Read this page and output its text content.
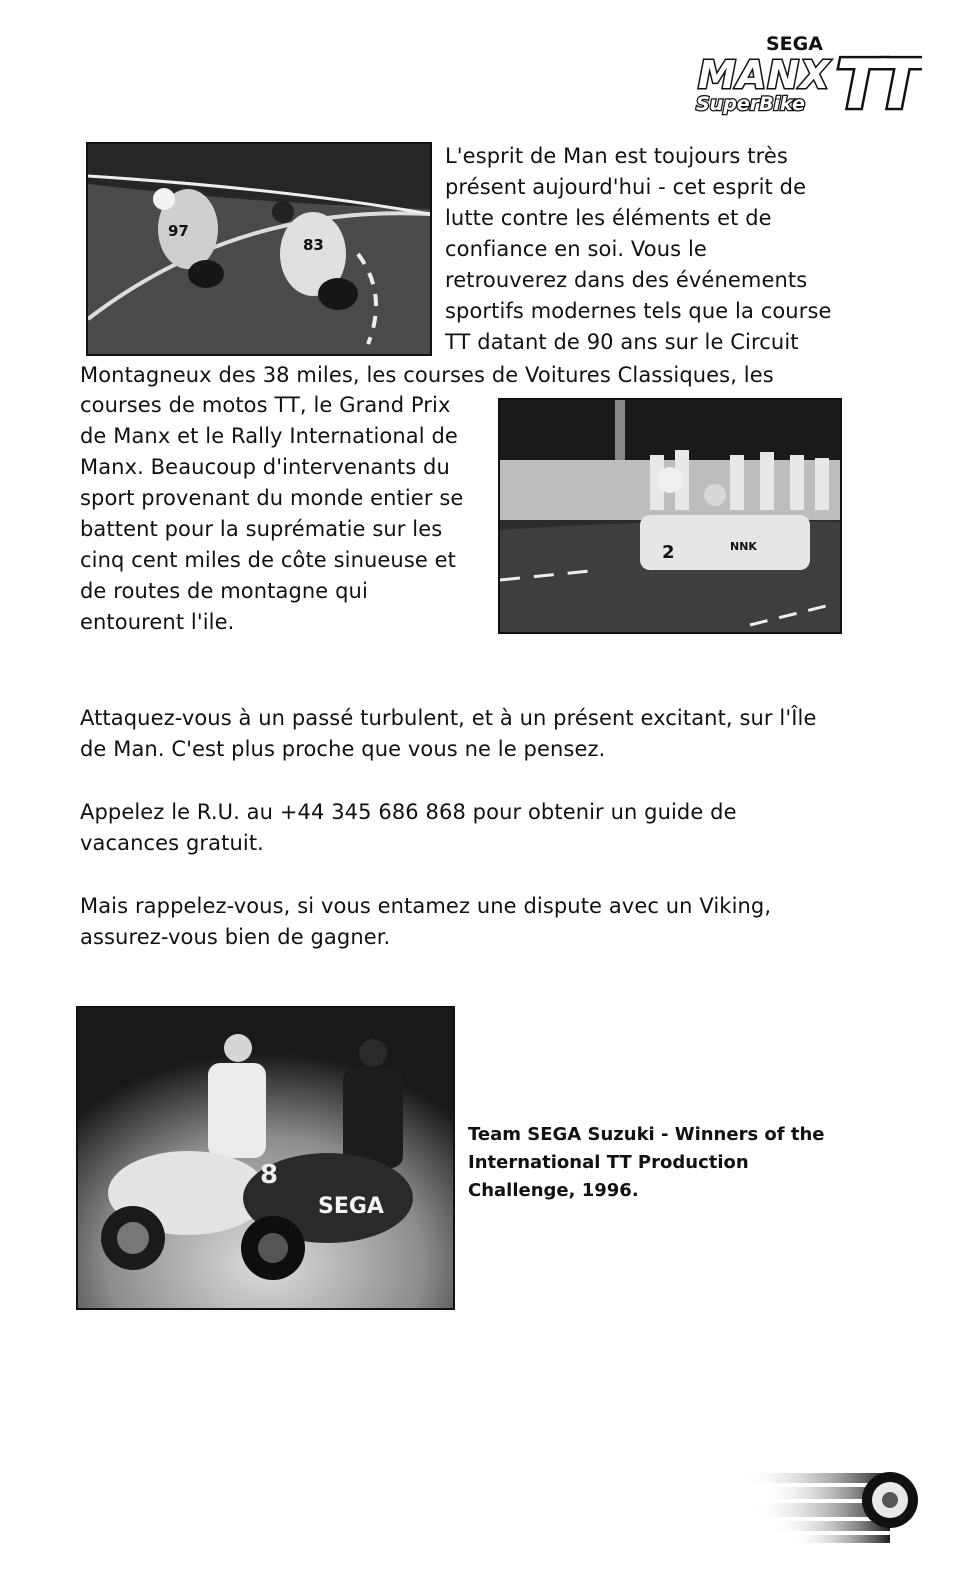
SEGA
MANX
SuperBike TT
97
83
L'esprit de Man est toujours très
présent aujourd'hui - cet esprit de
lutte contre les éléments et de
confiance en soi. Vous le
retrouverez dans des événements
sportifs modernes tels que la course
TT datant de 90 ans sur le Circuit
Montagneux des 38 miles, les courses de Voitures Classiques, les
courses de motos TT, le Grand Prix
de Manx et le Rally International de
Manx. Beaucoup d'intervenants du
sport provenant du monde entier se
battent pour la suprématie sur les
cinq cent miles de côte sinueuse et
de routes de montagne qui
entourent l'ile.
2	NNK
Attaquez-vous à un passé turbulent, et à un présent excitant, sur l'Île
de Man. C'est plus proche que vous ne le pensez.
Appelez le R.U. au +44 345 686 868 pour obtenir un guide de
vacances gratuit.
Mais rappelez-vous, si vous entamez une dispute avec un Viking,
assurez-vous bien de gagner.
8
SEGA
Team SEGA Suzuki - Winners of the
International TT Production
Challenge, 1996.
